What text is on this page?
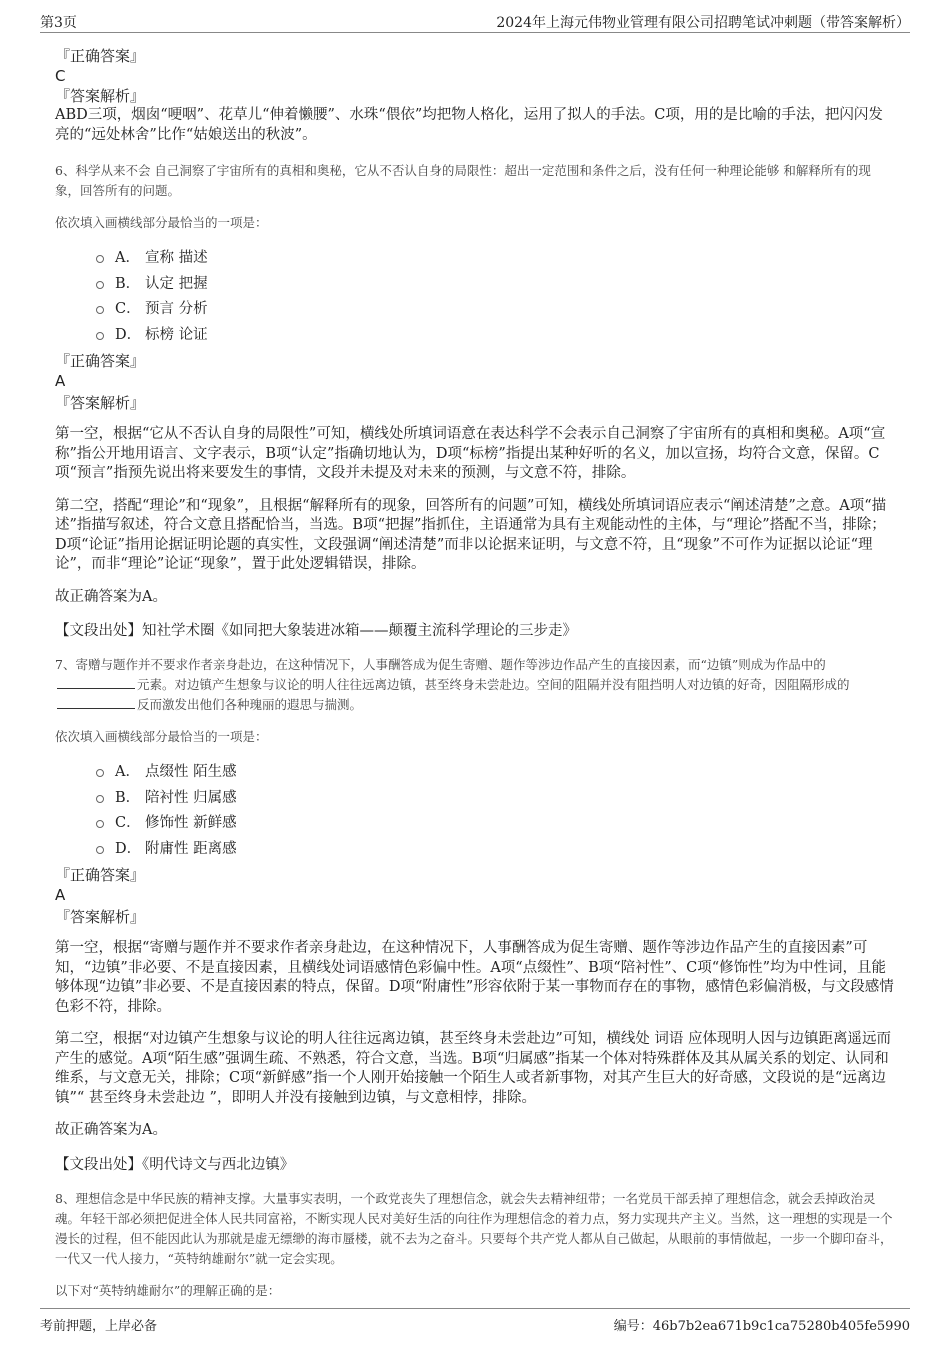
第3页	2024年上海元伟物业管理有限公司招聘笔试冲刺题（带答案解析）

『正确答案』

C

『答案解析』

ABD三项，烟囱“哽咽”、花草儿“伸着懒腰”、水珠“偎依”均把物人格化，运用了拟人的手法。C项，用的是比喻的手法，把闪闪发亮的“远处林舍”比作“姑娘送出的秋波”。

6、科学从来不会 自己洞察了宇宙所有的真相和奥秘，它从不否认自身的局限性：超出一定范围和条件之后，没有任何一种理论能够 和解释所有的现象，回答所有的问题。

依次填入画横线部分最恰当的一项是：

A． 宣称 描述
B． 认定 把握
C． 预言 分析
D． 标榜 论证

『正确答案』

A

『答案解析』

第一空，根据“它从不否认自身的局限性”可知，横线处所填词语意在表达科学不会表示自己洞察了宇宙所有的真相和奥秘。A项“宣称”指公开地用语言、文字表示，B项“认定”指确切地认为，D项“标榜”指提出某种好听的名义，加以宣扬，均符合文意，保留。C项“预言”指预先说出将来要发生的事情，文段并未提及对未来的预测，与文意不符，排除。

第二空，搭配“理论”和“现象”，且根据“解释所有的现象，回答所有的问题”可知，横线处所填词语应表示“阐述清楚”之意。A项“描述”指描写叙述，符合文意且搭配恰当，当选。B项“把握”指抓住，主语通常为具有主观能动性的主体，与“理论”搭配不当，排除；D项“论证”指用论据证明论题的真实性，文段强调“阐述清楚”而非以论据来证明，与文意不符，且“现象”不可作为证据以论证“理论”，而非“理论”论证“现象”，置于此处逻辑错误，排除。

故正确答案为A。

【文段出处】知社学术圈《如同把大象装进冰箱——颠覆主流科学理论的三步走》

7、寄赠与题作并不要求作者亲身赴边，在这种情况下，人事酬答成为促生寄赠、题作等涉边作品产生的直接因素，而“边镇”则成为作品中的元素。对边镇产生想象与议论的明人往往远离边镇，甚至终身未尝赴边。空间的阻隔并没有阻挡明人对边镇的好奇，因阻隔形成的反而激发出他们各种瑰丽的遐思与揣测。

依次填入画横线部分最恰当的一项是：

A． 点缀性 陌生感
B． 陪衬性 归属感
C． 修饰性 新鲜感
D． 附庸性 距离感

『正确答案』

A

『答案解析』

第一空，根据“寄赠与题作并不要求作者亲身赴边，在这种情况下，人事酬答成为促生寄赠、题作等涉边作品产生的直接因素”可知，“边镇”非必要、不是直接因素，且横线处词语感情色彩偏中性。A项“点缀性”、B项“陪衬性”、C项“修饰性”均为中性词，且能够体现“边镇”非必要、不是直接因素的特点，保留。D项“附庸性”形容依附于某一事物而存在的事物，感情色彩偏消极，与文段感情色彩不符，排除。

第二空，根据“对边镇产生想象与议论的明人往往远离边镇，甚至终身未尝赴边”可知，横线处 词语 应体现明人因与边镇距离遥远而产生的感觉。A项“陌生感”强调生疏、不熟悉，符合文意，当选。B项“归属感”指某一个体对特殊群体及其从属关系的划定、认同和维系，与文意无关，排除；C项“新鲜感”指一个人刚开始接触一个陌生人或者新事物，对其产生巨大的好奇感，文段说的是“远离边镇”“ 甚至终身未尝赴边 ”，即明人并没有接触到边镇，与文意相悖，排除。

故正确答案为A。

【文段出处】《明代诗文与西北边镇》

8、理想信念是中华民族的精神支撑。大量事实表明，一个政党丧失了理想信念，就会失去精神纽带；一名党员干部丢掉了理想信念，就会丢掉政治灵魂。年轻干部必须把促进全体人民共同富裕，不断实现人民对美好生活的向往作为理想信念的着力点，努力实现共产主义。当然，这一理想的实现是一个漫长的过程，但不能因此认为那就是虚无缥缈的海市蜃楼，就不去为之奋斗。只要每个共产党人都从自己做起，从眼前的事情做起，一步一个脚印奋斗，一代又一代人接力，“英特纳雄耐尔”就一定会实现。

以下对“英特纳雄耐尔”的理解正确的是：

考前押题，上岸必备	编号：46b7b2ea671b9c1ca75280b405fe5990
